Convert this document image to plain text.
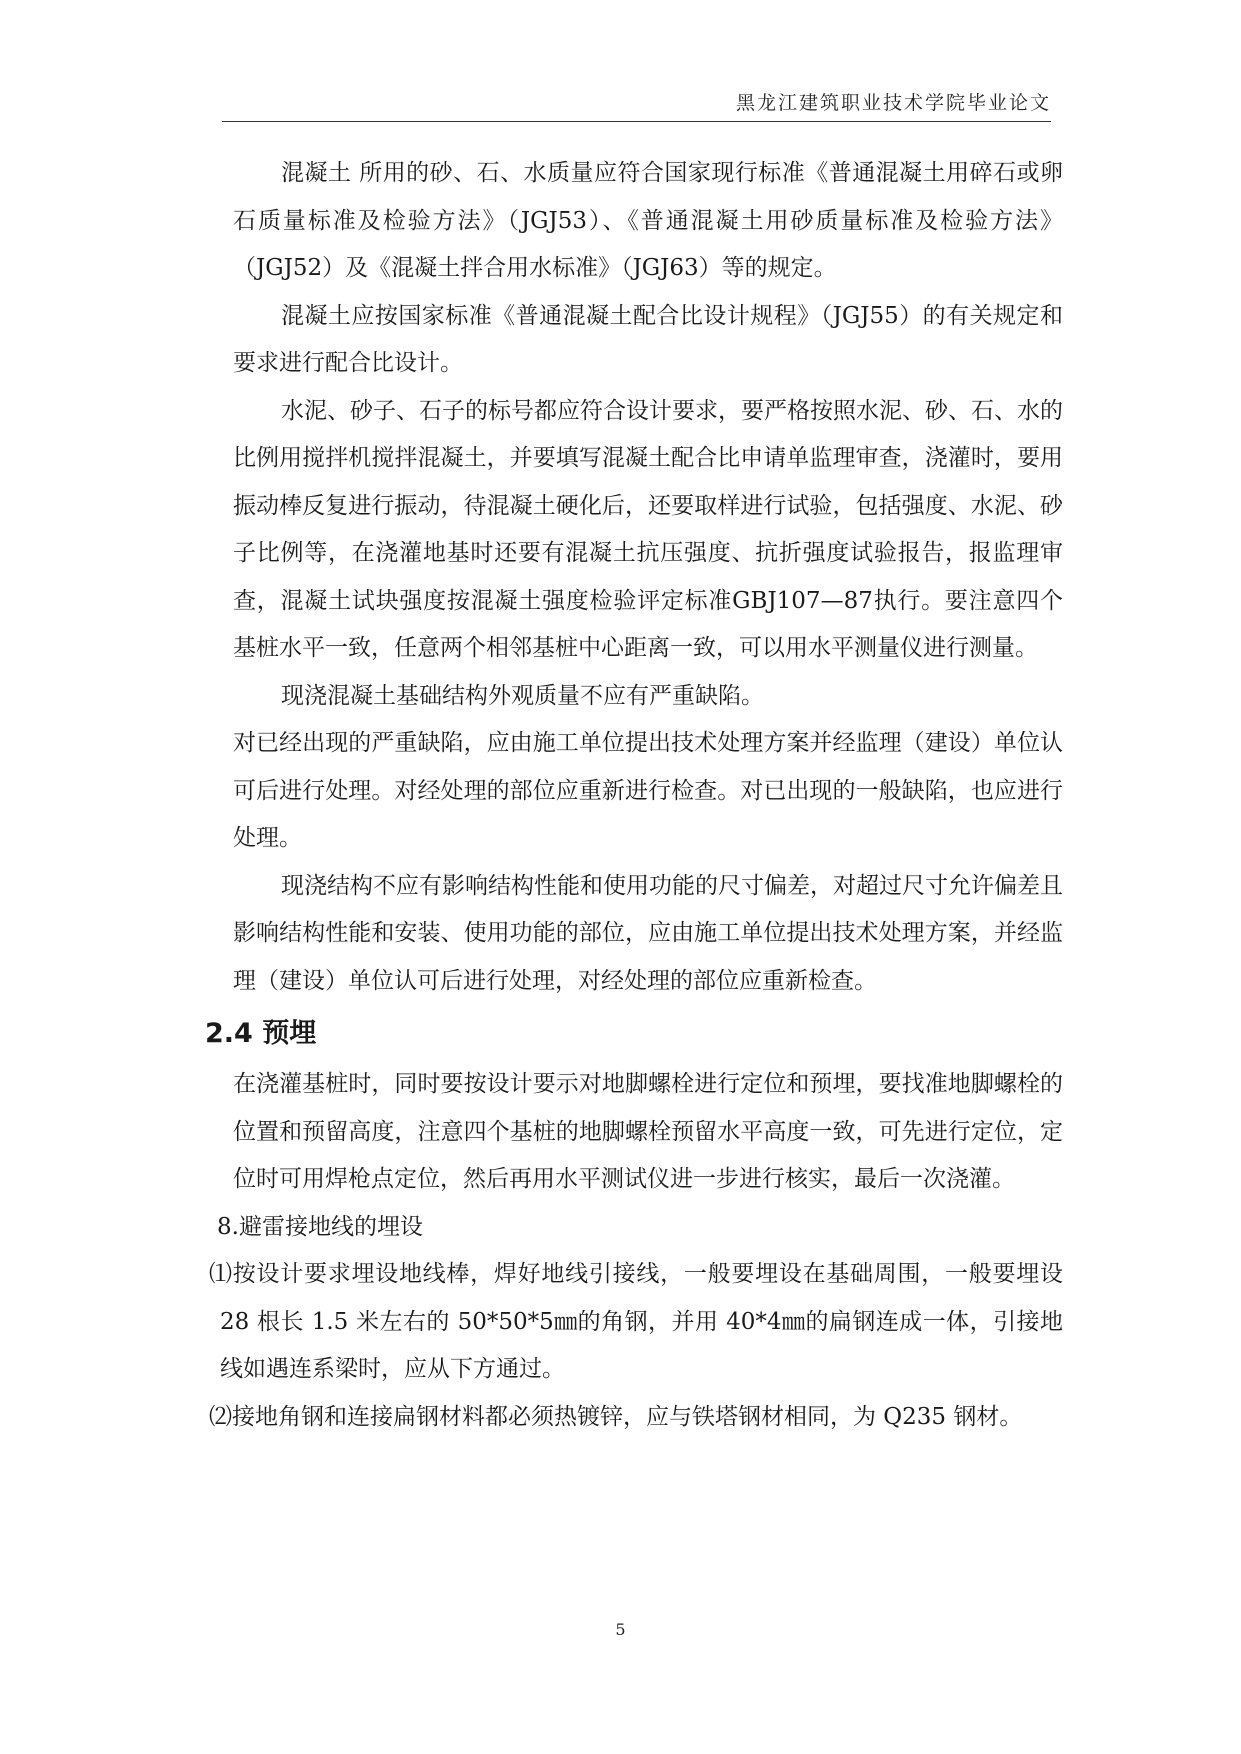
黑龙江建筑职业技术学院毕业论文

混凝土 所用的砂、石、水质量应符合国家现行标准《普通混凝土用碎石或卵石质量标准及检验方法》（JGJ53）、《普通混凝土用砂质量标准及检验方法》（JGJ52）及《混凝土拌合用水标准》（JGJ63）等的规定。

混凝土应按国家标准《普通混凝土配合比设计规程》（JGJ55）的有关规定和要求进行配合比设计。

水泥、砂子、石子的标号都应符合设计要求，要严格按照水泥、砂、石、水的比例用搅拌机搅拌混凝土，并要填写混凝土配合比申请单监理审查，浇灌时，要用振动棒反复进行振动，待混凝土硬化后，还要取样进行试验，包括强度、水泥、砂子比例等，在浇灌地基时还要有混凝土抗压强度、抗折强度试验报告，报监理审查，混凝土试块强度按混凝土强度检验评定标准GBJ107—87执行。要注意四个基桩水平一致，任意两个相邻基桩中心距离一致，可以用水平测量仪进行测量。

现浇混凝土基础结构外观质量不应有严重缺陷。

对已经出现的严重缺陷，应由施工单位提出技术处理方案并经监理（建设）单位认可后进行处理。对经处理的部位应重新进行检查。对已出现的一般缺陷，也应进行处理。

现浇结构不应有影响结构性能和使用功能的尺寸偏差，对超过尺寸允许偏差且影响结构性能和安装、使用功能的部位，应由施工单位提出技术处理方案，并经监理（建设）单位认可后进行处理，对经处理的部位应重新检查。

2.4 预埋

在浇灌基桩时，同时要按设计要示对地脚螺栓进行定位和预埋，要找准地脚螺栓的位置和预留高度，注意四个基桩的地脚螺栓预留水平高度一致，可先进行定位，定位时可用焊枪点定位，然后再用水平测试仪进一步进行核实，最后一次浇灌。

8.避雷接地线的埋设

⑴按设计要求埋设地线棒，焊好地线引接线，一般要埋设在基础周围，一般要埋设 28 根长 1.5 米左右的 50*50*5㎜的角钢，并用 40*4㎜的扁钢连成一体，引接地线如遇连系梁时，应从下方通过。

⑵接地角钢和连接扁钢材料都必须热镀锌，应与铁塔钢材相同，为 Q235 钢材。

5
